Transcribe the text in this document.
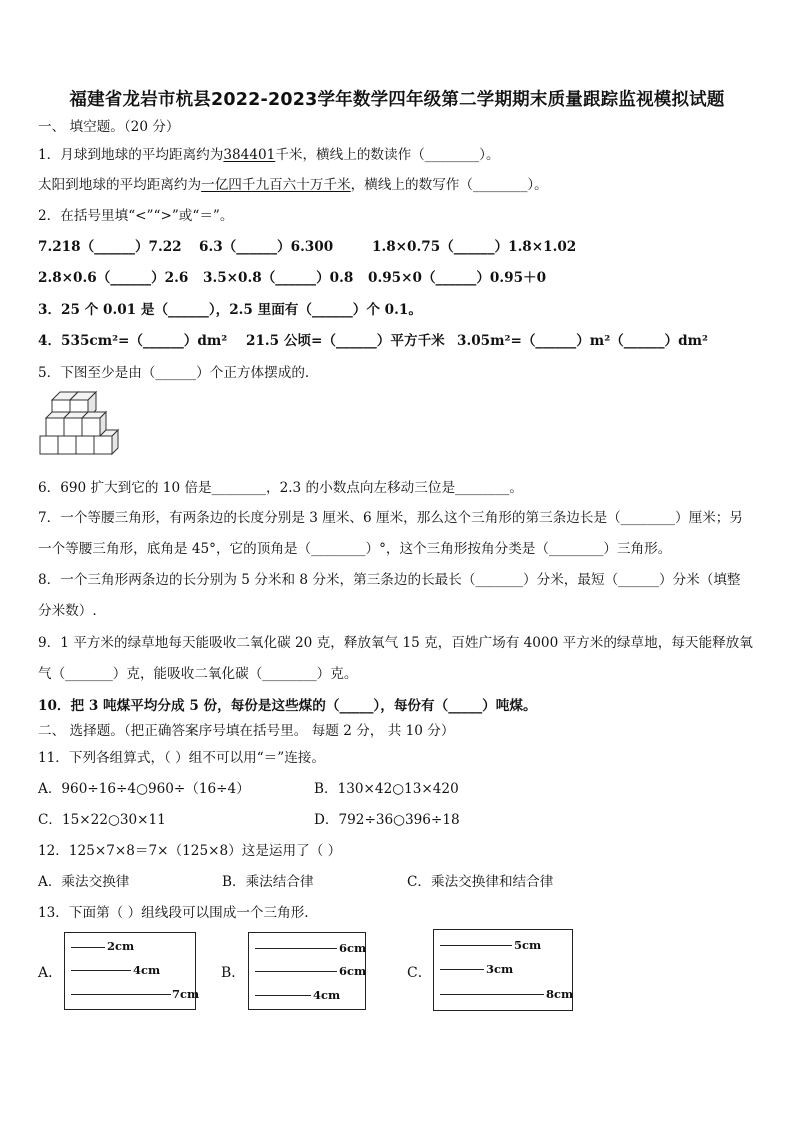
福建省龙岩市杭县2022-2023学年数学四年级第二学期期末质量跟踪监视模拟试题
一、 填空题。（20 分）
1．月球到地球的平均距离约为384401千米，横线上的数读作（________）。
太阳到地球的平均距离约为一亿四千九百六十万千米，横线上的数写作（________）。
2．在括号里填“<”“>”或“＝”。
7.218（______）7.22 6.3（______）6.300	1.8×0.75（______）1.8×1.02
2.8×0.6（______）2.6 3.5×0.8（______）0.8 0.95×0（______）0.95＋0
3．25 个 0.01 是（______），2.5 里面有（______）个 0.1。
4．535cm²=（______）dm² 21.5 公顷=（______）平方千米 3.05m²=（______）m²（______）dm²
5．下图至少是由（______）个正方体摆成的.
6．690 扩大到它的 10 倍是________，2.3 的小数点向左移动三位是________。
7．一个等腰三角形，有两条边的长度分别是 3 厘米、6 厘米，那么这个三角形的第三条边长是（________）厘米；另
一个等腰三角形，底角是 45°，它的顶角是（________）°，这个三角形按角分类是（________）三角形。
8．一个三角形两条边的长分别为 5 分米和 8 分米，第三条边的长最长（_______）分米，最短（______）分米（填整
分米数）.
9．1 平方米的绿草地每天能吸收二氧化碳 20 克，释放氧气 15 克，百姓广场有 4000 平方米的绿草地，每天能释放氧
气（_______）克，能吸收二氧化碳（________）克。
10．把 3 吨煤平均分成 5 份，每份是这些煤的（_____），每份有（_____）吨煤。
二、 选择题。（把正确答案序号填在括号里。 每题 2 分， 共 10 分）
11．下列各组算式，（ ）组不可以用“＝”连接。
A．960÷16÷4○960÷（16÷4）	B．130×42○13×420
C．15×22○30×11	D．792÷36○396÷18
12．125×7×8＝7×（125×8）这是运用了（ ）
A．乘法交换律	B．乘法结合律	C．乘法交换律和结合律
13．下面第（ ）组线段可以围成一个三角形.
A．
2cm
4cm
7cm
B．
6cm
6cm
4cm
C．
5cm
3cm
8cm
